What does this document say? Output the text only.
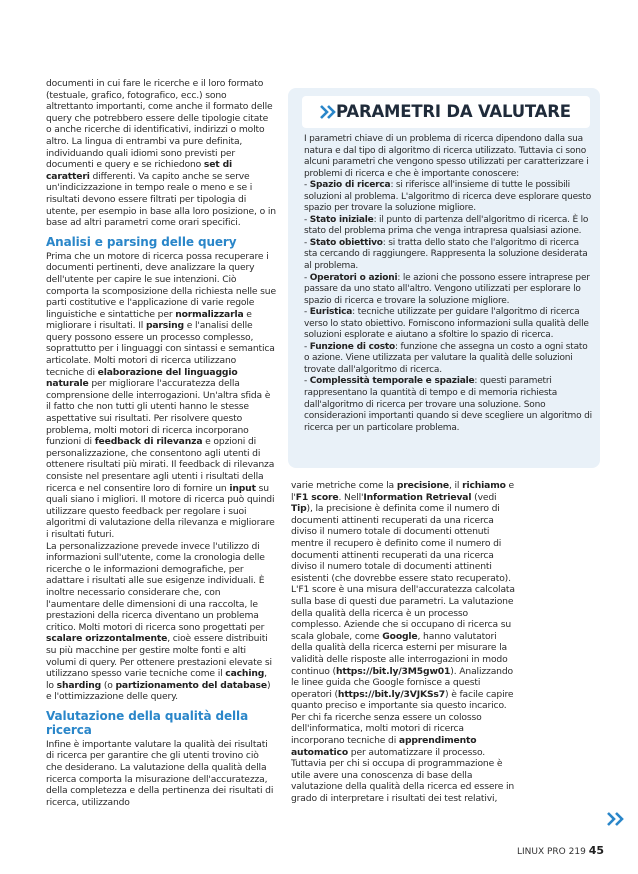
documenti in cui fare le ricerche e il loro formato (testuale, grafico, fotografico, ecc.) sono altrettanto importanti, come anche il formato delle query che potrebbero essere delle tipologie citate o anche ricerche di identificativi, indirizzi o molto altro. La lingua di entrambi va pure definita, individuando quali idiomi sono previsti per documenti e query e se richiedono set di caratteri differenti. Va capito anche se serve un'indicizzazione in tempo reale o meno e se i risultati devono essere filtrati per tipologia di utente, per esempio in base alla loro posizione, o in base ad altri parametri come orari specifici.

Analisi e parsing delle query

Prima che un motore di ricerca possa recuperare i documenti pertinenti, deve analizzare la query dell'utente per capire le sue intenzioni. Ciò comporta la scomposizione della richiesta nelle sue parti costitutive e l'applicazione di varie regole linguistiche e sintattiche per normalizzarla e migliorare i risultati. Il parsing e l'analisi delle query possono essere un processo complesso, soprattutto per i linguaggi con sintassi e semantica articolate. Molti motori di ricerca utilizzano tecniche di elaborazione del linguaggio naturale per migliorare l'accuratezza della comprensione delle interrogazioni. Un'altra sfida è il fatto che non tutti gli utenti hanno le stesse aspettative sui risultati. Per risolvere questo problema, molti motori di ricerca incorporano funzioni di feedback di rilevanza e opzioni di personalizzazione, che consentono agli utenti di ottenere risultati più mirati. Il feedback di rilevanza consiste nel presentare agli utenti i risultati della ricerca e nel consentire loro di fornire un input su quali siano i migliori. Il motore di ricerca può quindi utilizzare questo feedback per regolare i suoi algoritmi di valutazione della rilevanza e migliorare i risultati futuri.

La personalizzazione prevede invece l'utilizzo di informazioni sull'utente, come la cronologia delle ricerche o le informazioni demografiche, per adattare i risultati alle sue esigenze individuali. È inoltre necessario considerare che, con l'aumentare delle dimensioni di una raccolta, le prestazioni della ricerca diventano un problema critico. Molti motori di ricerca sono progettati per scalare orizzontalmente, cioè essere distribuiti su più macchine per gestire molte fonti e alti volumi di query. Per ottenere prestazioni elevate si utilizzano spesso varie tecniche come il caching, lo sharding (o partizionamento del database) e l'ottimizzazione delle query.

Valutazione della qualità della ricerca

Infine è importante valutare la qualità dei risultati di ricerca per garantire che gli utenti trovino ciò che desiderano. La valutazione della qualità della ricerca comporta la misurazione dell'accuratezza, della completezza e della pertinenza dei risultati di ricerca, utilizzando

PARAMETRI DA VALUTARE

I parametri chiave di un problema di ricerca dipendono dalla sua natura e dal tipo di algoritmo di ricerca utilizzato. Tuttavia ci sono alcuni parametri che vengono spesso utilizzati per caratterizzare i problemi di ricerca e che è importante conoscere:

- Spazio di ricerca: si riferisce all'insieme di tutte le possibili soluzioni al problema. L'algoritmo di ricerca deve esplorare questo spazio per trovare la soluzione migliore.

- Stato iniziale: il punto di partenza dell'algoritmo di ricerca. È lo stato del problema prima che venga intrapresa qualsiasi azione.

- Stato obiettivo: si tratta dello stato che l'algoritmo di ricerca sta cercando di raggiungere. Rappresenta la soluzione desiderata al problema.

- Operatori o azioni: le azioni che possono essere intraprese per passare da uno stato all'altro. Vengono utilizzati per esplorare lo spazio di ricerca e trovare la soluzione migliore.

- Euristica: tecniche utilizzate per guidare l'algoritmo di ricerca verso lo stato obiettivo. Forniscono informazioni sulla qualità delle soluzioni esplorate e aiutano a sfoltire lo spazio di ricerca.

- Funzione di costo: funzione che assegna un costo a ogni stato o azione. Viene utilizzata per valutare la qualità delle soluzioni trovate dall'algoritmo di ricerca.

- Complessità temporale e spaziale: questi parametri rappresentano la quantità di tempo e di memoria richiesta dall'algoritmo di ricerca per trovare una soluzione. Sono considerazioni importanti quando si deve scegliere un algoritmo di ricerca per un particolare problema.

varie metriche come la precisione, il richiamo e l'F1 score. Nell'Information Retrieval (vedi Tip), la precisione è definita come il numero di documenti attinenti recuperati da una ricerca diviso il numero totale di documenti ottenuti mentre il recupero è definito come il numero di documenti attinenti recuperati da una ricerca diviso il numero totale di documenti attinenti esistenti (che dovrebbe essere stato recuperato). L'F1 score è una misura dell'accuratezza calcolata sulla base di questi due parametri. La valutazione della qualità della ricerca è un processo complesso. Aziende che si occupano di ricerca su scala globale, come Google, hanno valutatori della qualità della ricerca esterni per misurare la validità delle risposte alle interrogazioni in modo continuo (https://bit.ly/3M5gw01). Analizzando le linee guida che Google fornisce a questi operatori (https://bit.ly/3VJKSs7) è facile capire quanto preciso e importante sia questo incarico.

Per chi fa ricerche senza essere un colosso dell'informatica, molti motori di ricerca incorporano tecniche di apprendimento automatico per automatizzare il processo. Tuttavia per chi si occupa di programmazione è utile avere una conoscenza di base della valutazione della qualità della ricerca ed essere in grado di interpretare i risultati dei test relativi,

LINUX PRO 219 45
